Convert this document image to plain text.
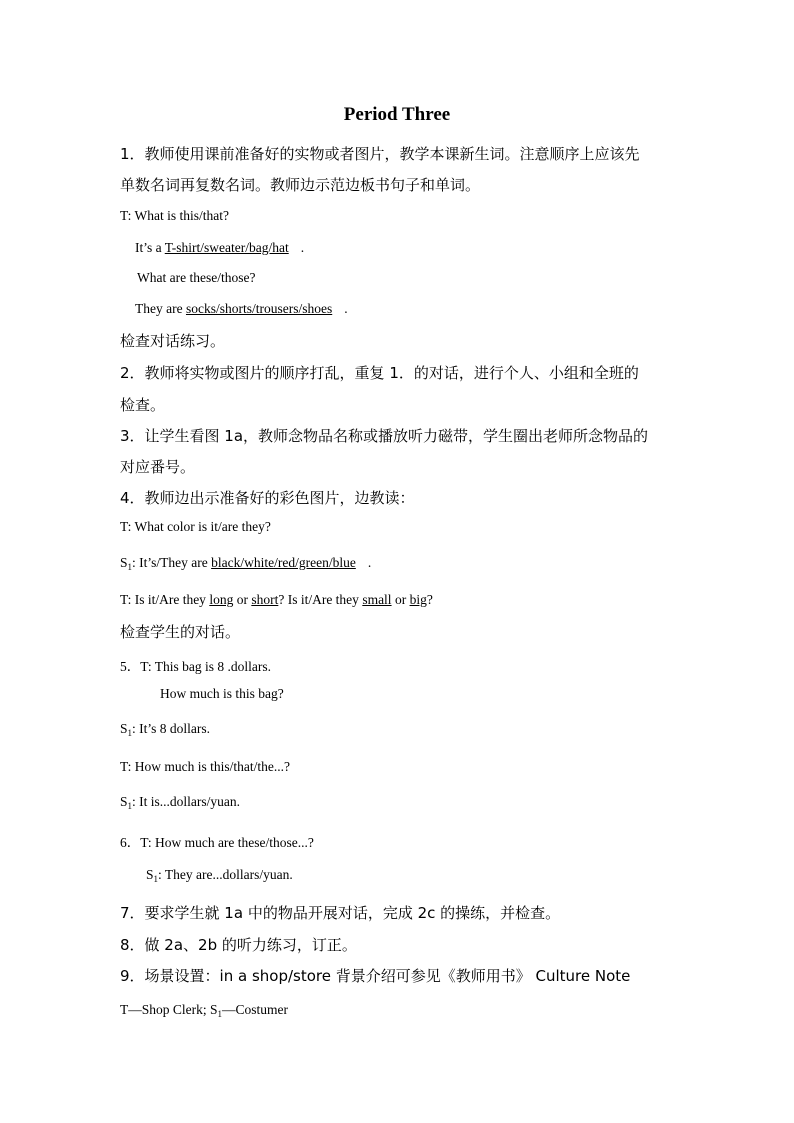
Period Three
1．教师使用课前准备好的实物或者图片，教学本课新生词。注意顺序上应该先
单数名词再复数名词。教师边示范边板书句子和单词。
T: What is this/that?
It’s a T-shirt/sweater/bag/hat .
What are these/those?
They are socks/shorts/trousers/shoes .
检查对话练习。
2．教师将实物或图片的顺序打乱，重复 1．的对话，进行个人、小组和全班的
检查。
3．让学生看图 1a，教师念物品名称或播放听力磁带，学生圈出老师所念物品的
对应番号。
4．教师边出示准备好的彩色图片，边教读：
T: What color is it/are they?
$S_1$: It’s/They are black/white/red/green/blue .
T: Is it/Are they long or short? Is it/Are they small or big?
检查学生的对话。
5．T: This bag is 8 .dollars.
How much is this bag?
$S_1$: It’s 8 dollars.
T: How much is this/that/the...?
$S_1$: It is...dollars/yuan.
6．T: How much are these/those...?
$S_1$: They are...dollars/yuan.
7．要求学生就 1a 中的物品开展对话，完成 2c 的操练，并检查。
8．做 2a、2b 的听力练习，订正。
9．场景设置：in a shop/store 背景介绍可参见《教师用书》 Culture Note
T—Shop Clerk; $S_1—Costumer$
